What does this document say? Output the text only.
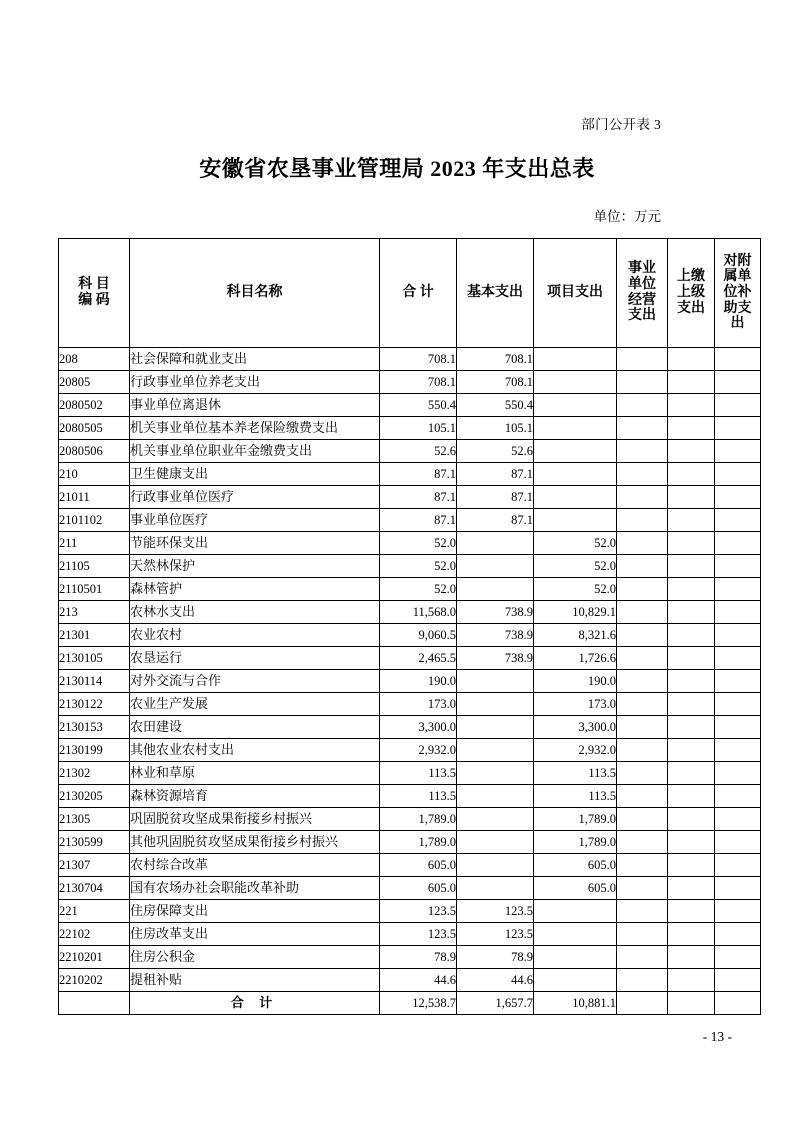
部门公开表 3
安徽省农垦事业管理局 2023 年支出总表
单位：万元
科 目
编 码	科目名称	合 计	基本支出	项目支出	事业
单位
经营
支出	上缴
上级
支出	对附
属单
位补
助支
出
208	社会保障和就业支出	708.1	708.1				
20805	行政事业单位养老支出	708.1	708.1				
2080502	事业单位离退休	550.4	550.4				
2080505	机关事业单位基本养老保险缴费支出	105.1	105.1				
2080506	机关事业单位职业年金缴费支出	52.6	52.6				
210	卫生健康支出	87.1	87.1				
21011	行政事业单位医疗	87.1	87.1				
2101102	事业单位医疗	87.1	87.1				
211	节能环保支出	52.0		52.0			
21105	天然林保护	52.0		52.0			
2110501	森林管护	52.0		52.0			
213	农林水支出	11,568.0	738.9	10,829.1			
21301	农业农村	9,060.5	738.9	8,321.6			
2130105	农垦运行	2,465.5	738.9	1,726.6			
2130114	对外交流与合作	190.0		190.0			
2130122	农业生产发展	173.0		173.0			
2130153	农田建设	3,300.0		3,300.0			
2130199	其他农业农村支出	2,932.0		2,932.0			
21302	林业和草原	113.5		113.5			
2130205	森林资源培育	113.5		113.5			
21305	巩固脱贫攻坚成果衔接乡村振兴	1,789.0		1,789.0			
2130599	其他巩固脱贫攻坚成果衔接乡村振兴	1,789.0		1,789.0			
21307	农村综合改革	605.0		605.0			
2130704	国有农场办社会职能改革补助	605.0		605.0			
221	住房保障支出	123.5	123.5				
22102	住房改革支出	123.5	123.5				
2210201	住房公积金	78.9	78.9				
2210202	提租补贴	44.6	44.6				
	合 计	12,538.7	1,657.7	10,881.1			
- 13 -
